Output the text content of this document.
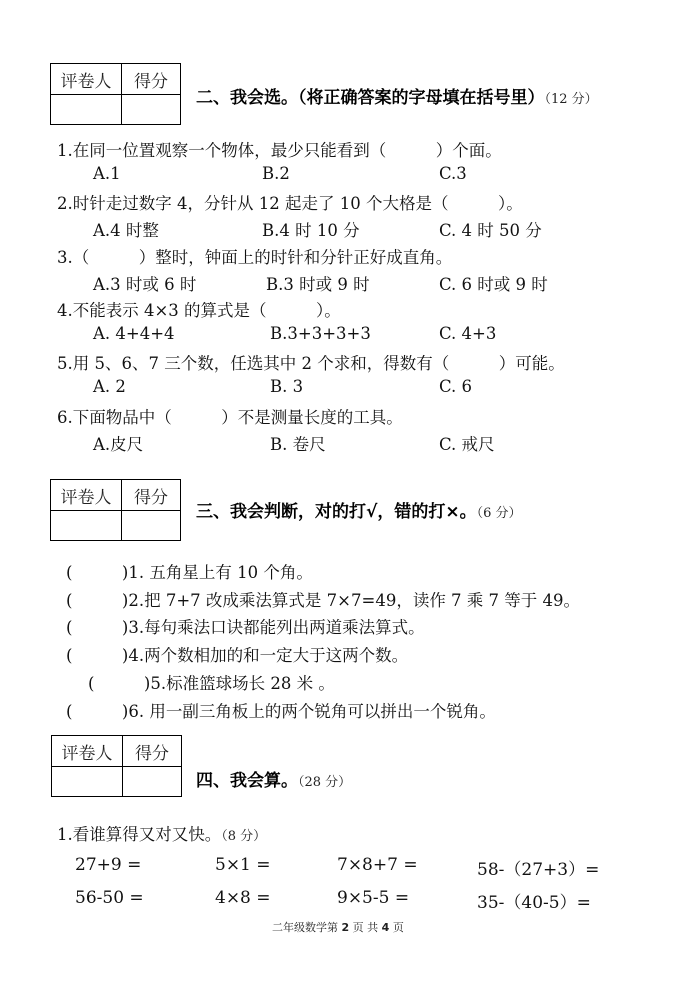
评卷人	得分

二、我会选。（将正确答案的字母填在括号里）（12 分）
1.在同一位置观察一个物体，最少只能看到（　　　）个面。
A.1	B.2	C.3
2.时针走过数字 4，分针从 12 起走了 10 个大格是（　　　）。
A.4 时整	B.4 时 10 分	C. 4 时 50 分
3.（　　　）整时，钟面上的时针和分针正好成直角。
A.3 时或 6 时	B.3 时或 9 时	C. 6 时或 9 时
4.不能表示 4×3 的算式是（　　　）。
A. 4+4+4	B.3+3+3+3	C. 4+3
5.用 5、6、7 三个数，任选其中 2 个求和，得数有（　　　）可能。
A. 2	B. 3	C. 6
6.下面物品中（　　　）不是测量长度的工具。
A.皮尺	B. 卷尺	C. 戒尺
评卷人	得分

三、我会判断，对的打√，错的打×。（6 分）
(　　　)1. 五角星上有 10 个角。
(　　　)2.把 7+7 改成乘法算式是 7×7=49，读作 7 乘 7 等于 49。
(　　　)3.每句乘法口诀都能列出两道乘法算式。
(　　　)4.两个数相加的和一定大于这两个数。
(　　　)5.标准篮球场长 28 米 。
(　　　)6. 用一副三角板上的两个锐角可以拼出一个锐角。
评卷人	得分

四、我会算。（28 分）
1.看谁算得又对又快。（8 分）
27+9 =	5×1 =	7×8+7 =	58-（27+3）=
56-50 =	4×8 =	9×5-5 =	35-（40-5）=
二年级数学第 2 页 共 4 页
